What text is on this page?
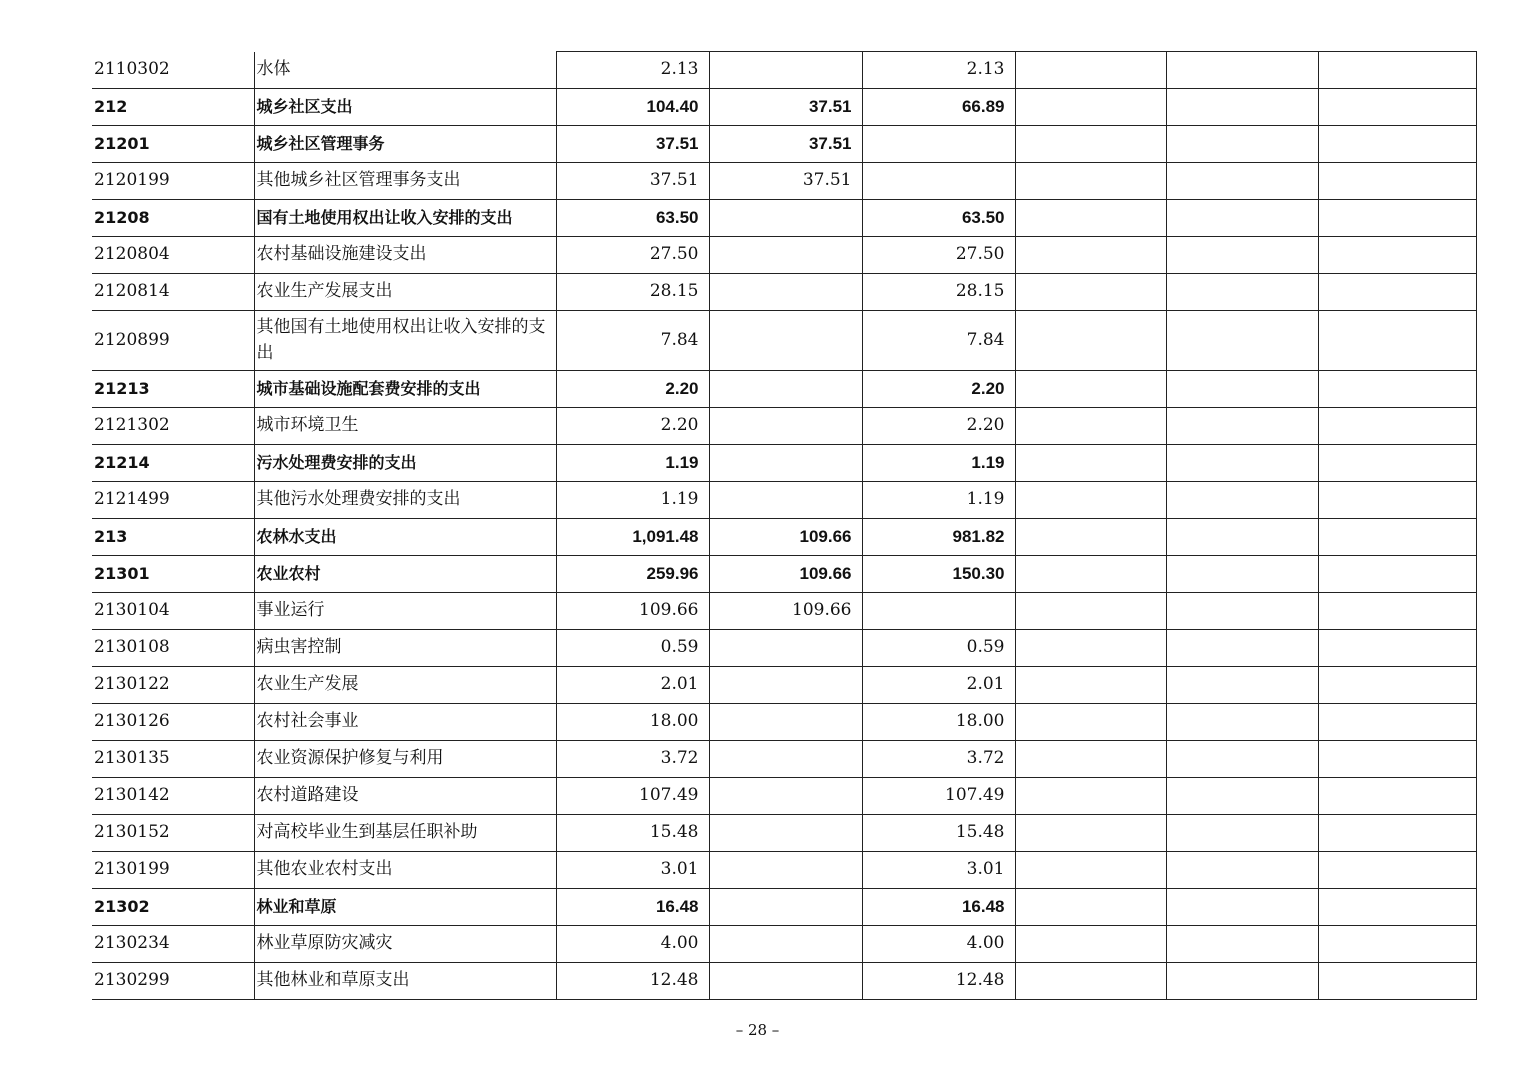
2110302	水体	2.13		2.13			
212	城乡社区支出	104.40	37.51	66.89			
21201	城乡社区管理事务	37.51	37.51				
2120199	其他城乡社区管理事务支出	37.51	37.51				
21208	国有土地使用权出让收入安排的支出	63.50		63.50			
2120804	农村基础设施建设支出	27.50		27.50			
2120814	农业生产发展支出	28.15		28.15			
2120899	其他国有土地使用权出让收入安排的支出	7.84		7.84			
21213	城市基础设施配套费安排的支出	2.20		2.20			
2121302	城市环境卫生	2.20		2.20			
21214	污水处理费安排的支出	1.19		1.19			
2121499	其他污水处理费安排的支出	1.19		1.19			
213	农林水支出	1,091.48	109.66	981.82			
21301	农业农村	259.96	109.66	150.30			
2130104	事业运行	109.66	109.66				
2130108	病虫害控制	0.59		0.59			
2130122	农业生产发展	2.01		2.01			
2130126	农村社会事业	18.00		18.00			
2130135	农业资源保护修复与利用	3.72		3.72			
2130142	农村道路建设	107.49		107.49			
2130152	对高校毕业生到基层任职补助	15.48		15.48			
2130199	其他农业农村支出	3.01		3.01			
21302	林业和草原	16.48		16.48			
2130234	林业草原防灾减灾	4.00		4.00			
2130299	其他林业和草原支出	12.48		12.48			
– 28 –
